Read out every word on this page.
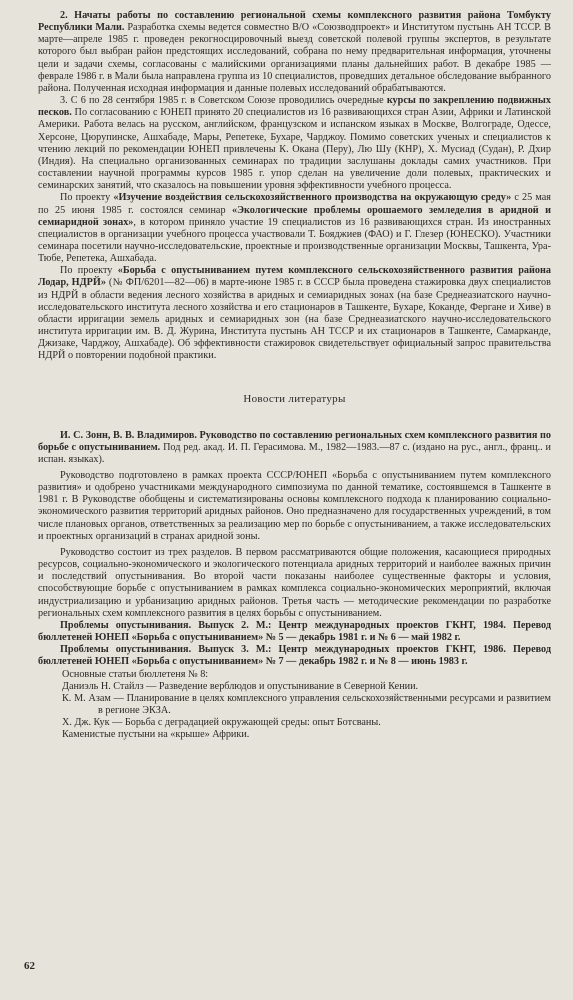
2. Начаты работы по составлению региональной схемы комплексного развития района Томбукту Республики Мали. Разработка схемы ведется совместно В/О «Союзводпроект» и Институтом пустынь АН ТССР. В марте—апреле 1985 г. проведен рекогносцировочный выезд советской полевой группы экспертов, в результате которого был выбран район предстоящих исследований, собрана по нему предварительная информация, уточнены цели и задачи схемы, согласованы с малийскими организациями планы дальнейших работ. В декабре 1985 — феврале 1986 г. в Мали была направлена группа из 10 специалистов, проведших детальное обследование выбранного района. Полученная исходная информация и данные полевых исследований обрабатываются.

3. С 6 по 28 сентября 1985 г. в Советском Союзе проводились очередные курсы по закреплению подвижных песков. По согласованию с ЮНЕП принято 20 специалистов из 16 развивающихся стран Азии, Африки и Латинской Америки. Работа велась на русском, английском, французском и испанском языках в Москве, Волгограде, Одессе, Херсоне, Цюрупинске, Ашхабаде, Мары, Репетеке, Бухаре, Чарджоу. Помимо советских ученых и специалистов к чтению лекций по рекомендации ЮНЕП привлечены К. Окана (Перу), Лю Шу (КНР), Х. Мусиад (Судан), Р. Дхир (Индия). На специально организованных семинарах по традиции заслушаны доклады самих участников. При составлении научной программы курсов 1985 г. упор сделан на увеличение доли полевых, практических и семинарских занятий, что сказалось на повышении уровня эффективности учебного процесса.

По проекту «Изучение воздействия сельскохозяйственного производства на окружающую среду» с 25 мая по 25 июня 1985 г. состоялся семинар «Экологические проблемы орошаемого земледелия в аридной и семиаридной зонах», в котором приняло участие 19 специалистов из 16 развивающихся стран. Из иностранных специалистов в организации учебного процесса участвовали Т. Бояджиев (ФАО) и Г. Глезер (ЮНЕСКО). Участники семинара посетили научно-исследовательские, проектные и производственные организации Москвы, Ташкента, Ура-Тюбе, Репетека, Ашхабада.

По проекту «Борьба с опустыниванием путем комплексного сельскохозяйственного развития района Лодар, НДРЙ» (№ ФП/6201—82—06) в марте-июне 1985 г. в СССР была проведена стажировка двух специалистов из НДРЙ в области ведения лесного хозяйства в аридных и семиаридных зонах (на базе Среднеазиатского научно-исследовательского института лесного хозяйства и его стационаров в Ташкенте, Бухаре, Коканде, Фергане и Хиве) в области ирригации земель аридных и семиаридных зон (на базе Среднеазиатского научно-исследовательского института ирригации им. В. Д. Журина, Института пустынь АН ТССР и их стационаров в Ташкенте, Самарканде, Джизаке, Чарджоу, Ашхабаде). Об эффективности стажировок свидетельствует официальный запрос правительства НДРЙ о повторении подобной практики.

Новости литературы

И. С. Зонн, В. В. Владимиров. Руководство по составлению региональных схем комплексного развития по борьбе с опустыниванием. Под ред. акад. И. П. Герасимова. М., 1982—1983.—87 с. (издано на рус., англ., франц.. и испан. языках).

Руководство подготовлено в рамках проекта СССР/ЮНЕП «Борьба с опустыниванием путем комплексного развития» и одобрено участниками международного симпозиума по данной тематике, состоявшемся в Ташкенте в 1981 г. В Руководстве обобщены и систематизированы основы комплексного подхода к планированию социально-экономического развития территорий аридных районов. Оно предназначено для государственных учреждений, в том числе плановых органов, ответственных за реализацию мер по борьбе с опустыниванием, а также исследовательских и проектных организаций в странах аридной зоны.

Руководство состоит из трех разделов. В первом рассматриваются общие положения, касающиеся природных ресурсов, социально-экономического и экологического потенциала аридных территорий и наиболее важных причин и последствий опустынивания. Во второй части показаны наиболее существенные факторы и условия, способствующие борьбе с опустыниванием в рамках комплекса социально-экономических мероприятий, включая индустриализацию и урбанизацию аридных районов. Третья часть — методические рекомендации по разработке региональных схем комплексного развития в целях борьбы с опустыниванием.

Проблемы опустынивания. Выпуск 2. М.: Центр международных проектов ГКНТ, 1984. Перевод бюллетеней ЮНЕП «Борьба с опустыниванием» № 5 — декабрь 1981 г. и № 6 — май 1982 г.

Проблемы опустынивания. Выпуск 3. М.: Центр международных проектов ГКНТ, 1986. Перевод бюллетеней ЮНЕП «Борьба с опустыниванием» № 7 — декабрь 1982 г. и № 8 — июнь 1983 г.

Основные статьи бюллетеня № 8:

Даниэль Н. Стайлз — Разведение верблюдов и опустынивание в Северной Кении.

К. М. Азам — Планирование в целях комплексного управления сельскохозяйственными ресурсами и развитием в регионе ЭКЗА.

Х. Дж. Кук — Борьба с деградацией окружающей среды: опыт Ботсваны.

Каменистые пустыни на «крыше» Африки.

62
